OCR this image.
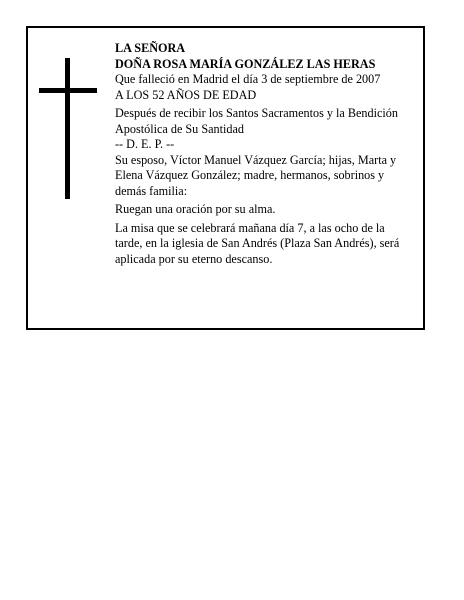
LA SEÑORA

DOÑA ROSA MARÍA GONZÁLEZ LAS HERAS

Que falleció en Madrid el día 3 de septiembre de 2007

A LOS 52 AÑOS DE EDAD

Después de recibir los Santos Sacramentos y la Bendición Apostólica de Su Santidad

-- D. E. P. --

Su esposo, Víctor Manuel Vázquez García; hijas, Marta y Elena Vázquez González; madre, hermanos, sobrinos y demás familia:

Ruegan una oración por su alma.

La misa que se celebrará mañana día 7, a las ocho de la tarde, en la iglesia de San Andrés (Plaza San Andrés), será aplicada por su eterno descanso.
